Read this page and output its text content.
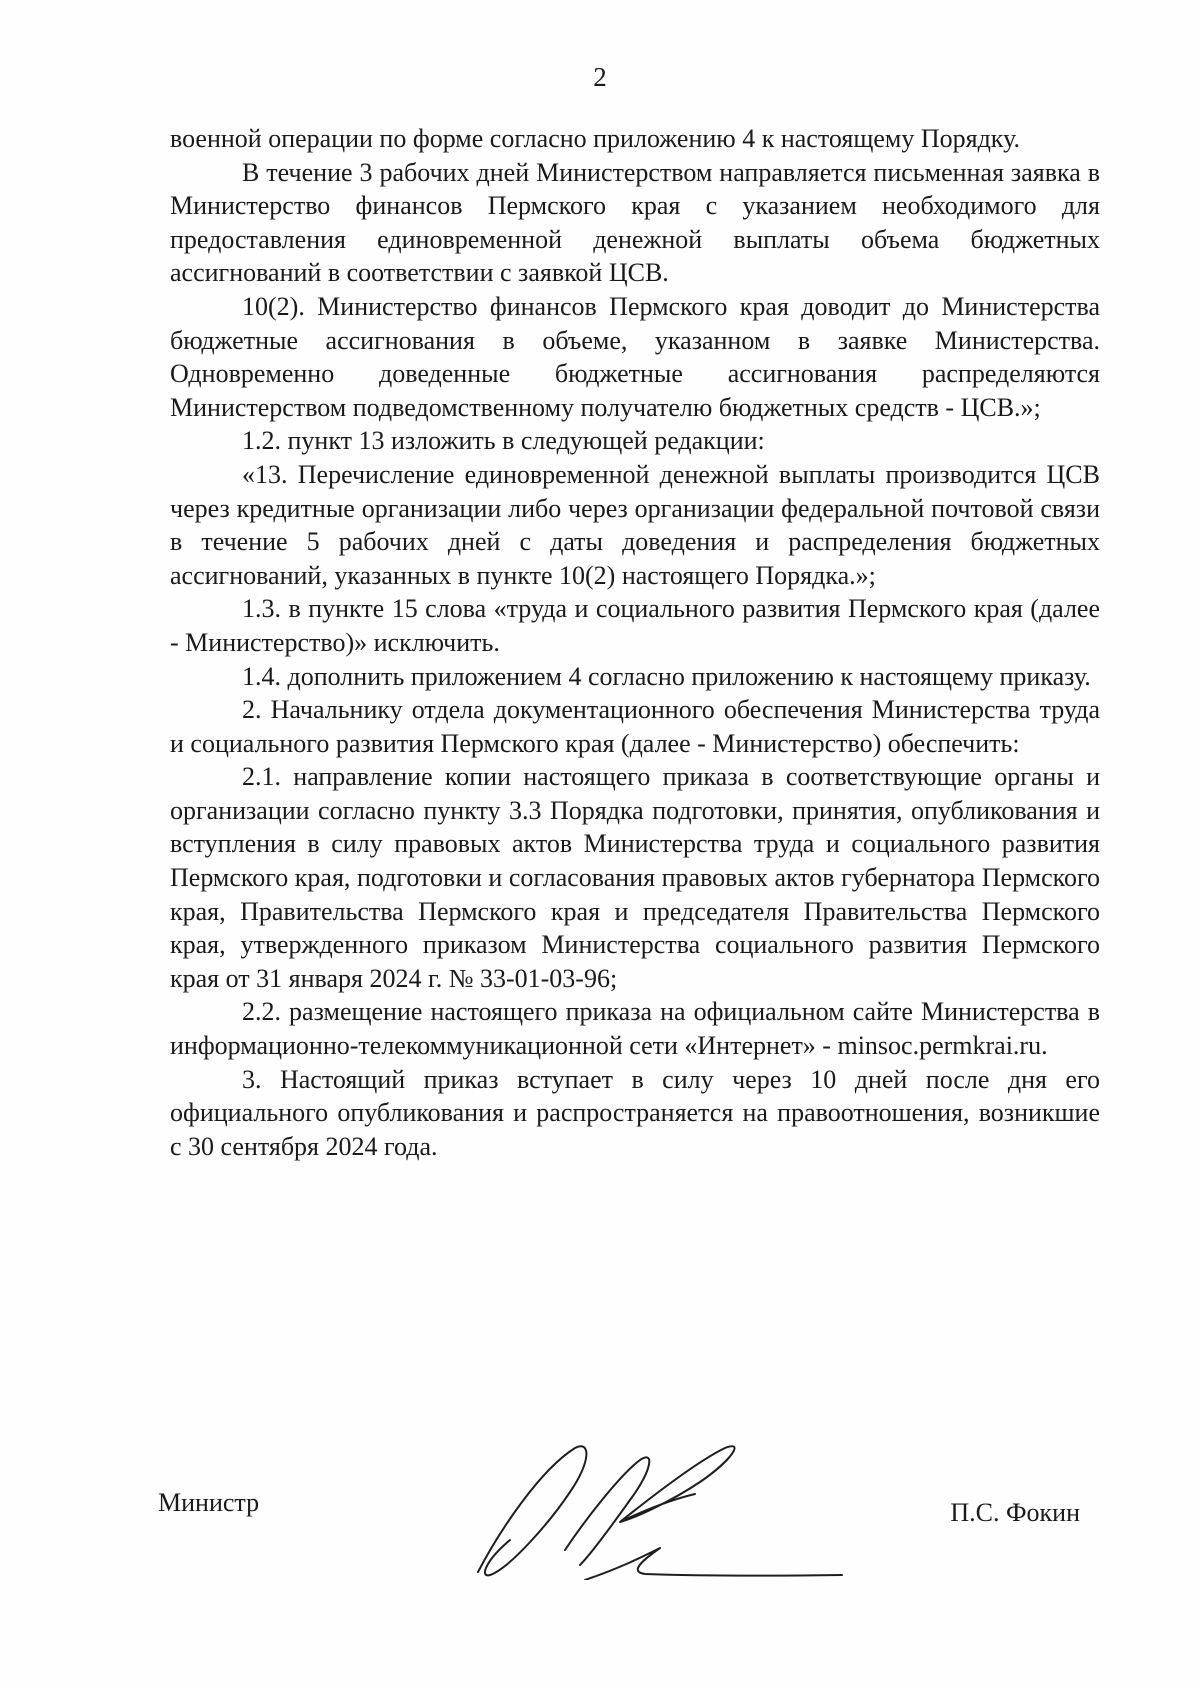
2

военной операции по форме согласно приложению 4 к настоящему Порядку.

В течение 3 рабочих дней Министерством направляется письменная заявка в Министерство финансов Пермского края с указанием необходимого для предоставления единовременной денежной выплаты объема бюджетных ассигнований в соответствии с заявкой ЦСВ.

10(2). Министерство финансов Пермского края доводит до Министерства бюджетные ассигнования в объеме, указанном в заявке Министерства. Одновременно доведенные бюджетные ассигнования распределяются Министерством подведомственному получателю бюджетных средств - ЦСВ.»;

1.2. пункт 13 изложить в следующей редакции:

«13. Перечисление единовременной денежной выплаты производится ЦСВ через кредитные организации либо через организации федеральной почтовой связи в течение 5 рабочих дней с даты доведения и распределения бюджетных ассигнований, указанных в пункте 10(2) настоящего Порядка.»;

1.3. в пункте 15 слова «труда и социального развития Пермского края (далее - Министерство)» исключить.

1.4. дополнить приложением 4 согласно приложению к настоящему приказу.

2. Начальнику отдела документационного обеспечения Министерства труда и социального развития Пермского края (далее - Министерство) обеспечить:

2.1. направление копии настоящего приказа в соответствующие органы и организации согласно пункту 3.3 Порядка подготовки, принятия, опубликования и вступления в силу правовых актов Министерства труда и социального развития Пермского края, подготовки и согласования правовых актов губернатора Пермского края, Правительства Пермского края и председателя Правительства Пермского края, утвержденного приказом Министерства социального развития Пермского края от 31 января 2024 г. № 33-01-03-96;

2.2. размещение настоящего приказа на официальном сайте Министерства в информационно-телекоммуникационной сети «Интернет» - minsoc.permkrai.ru.

3. Настоящий приказ вступает в силу через 10 дней после дня его официального опубликования и распространяется на правоотношения, возникшие с 30 сентября 2024 года.

Министр	П.С. Фокин
